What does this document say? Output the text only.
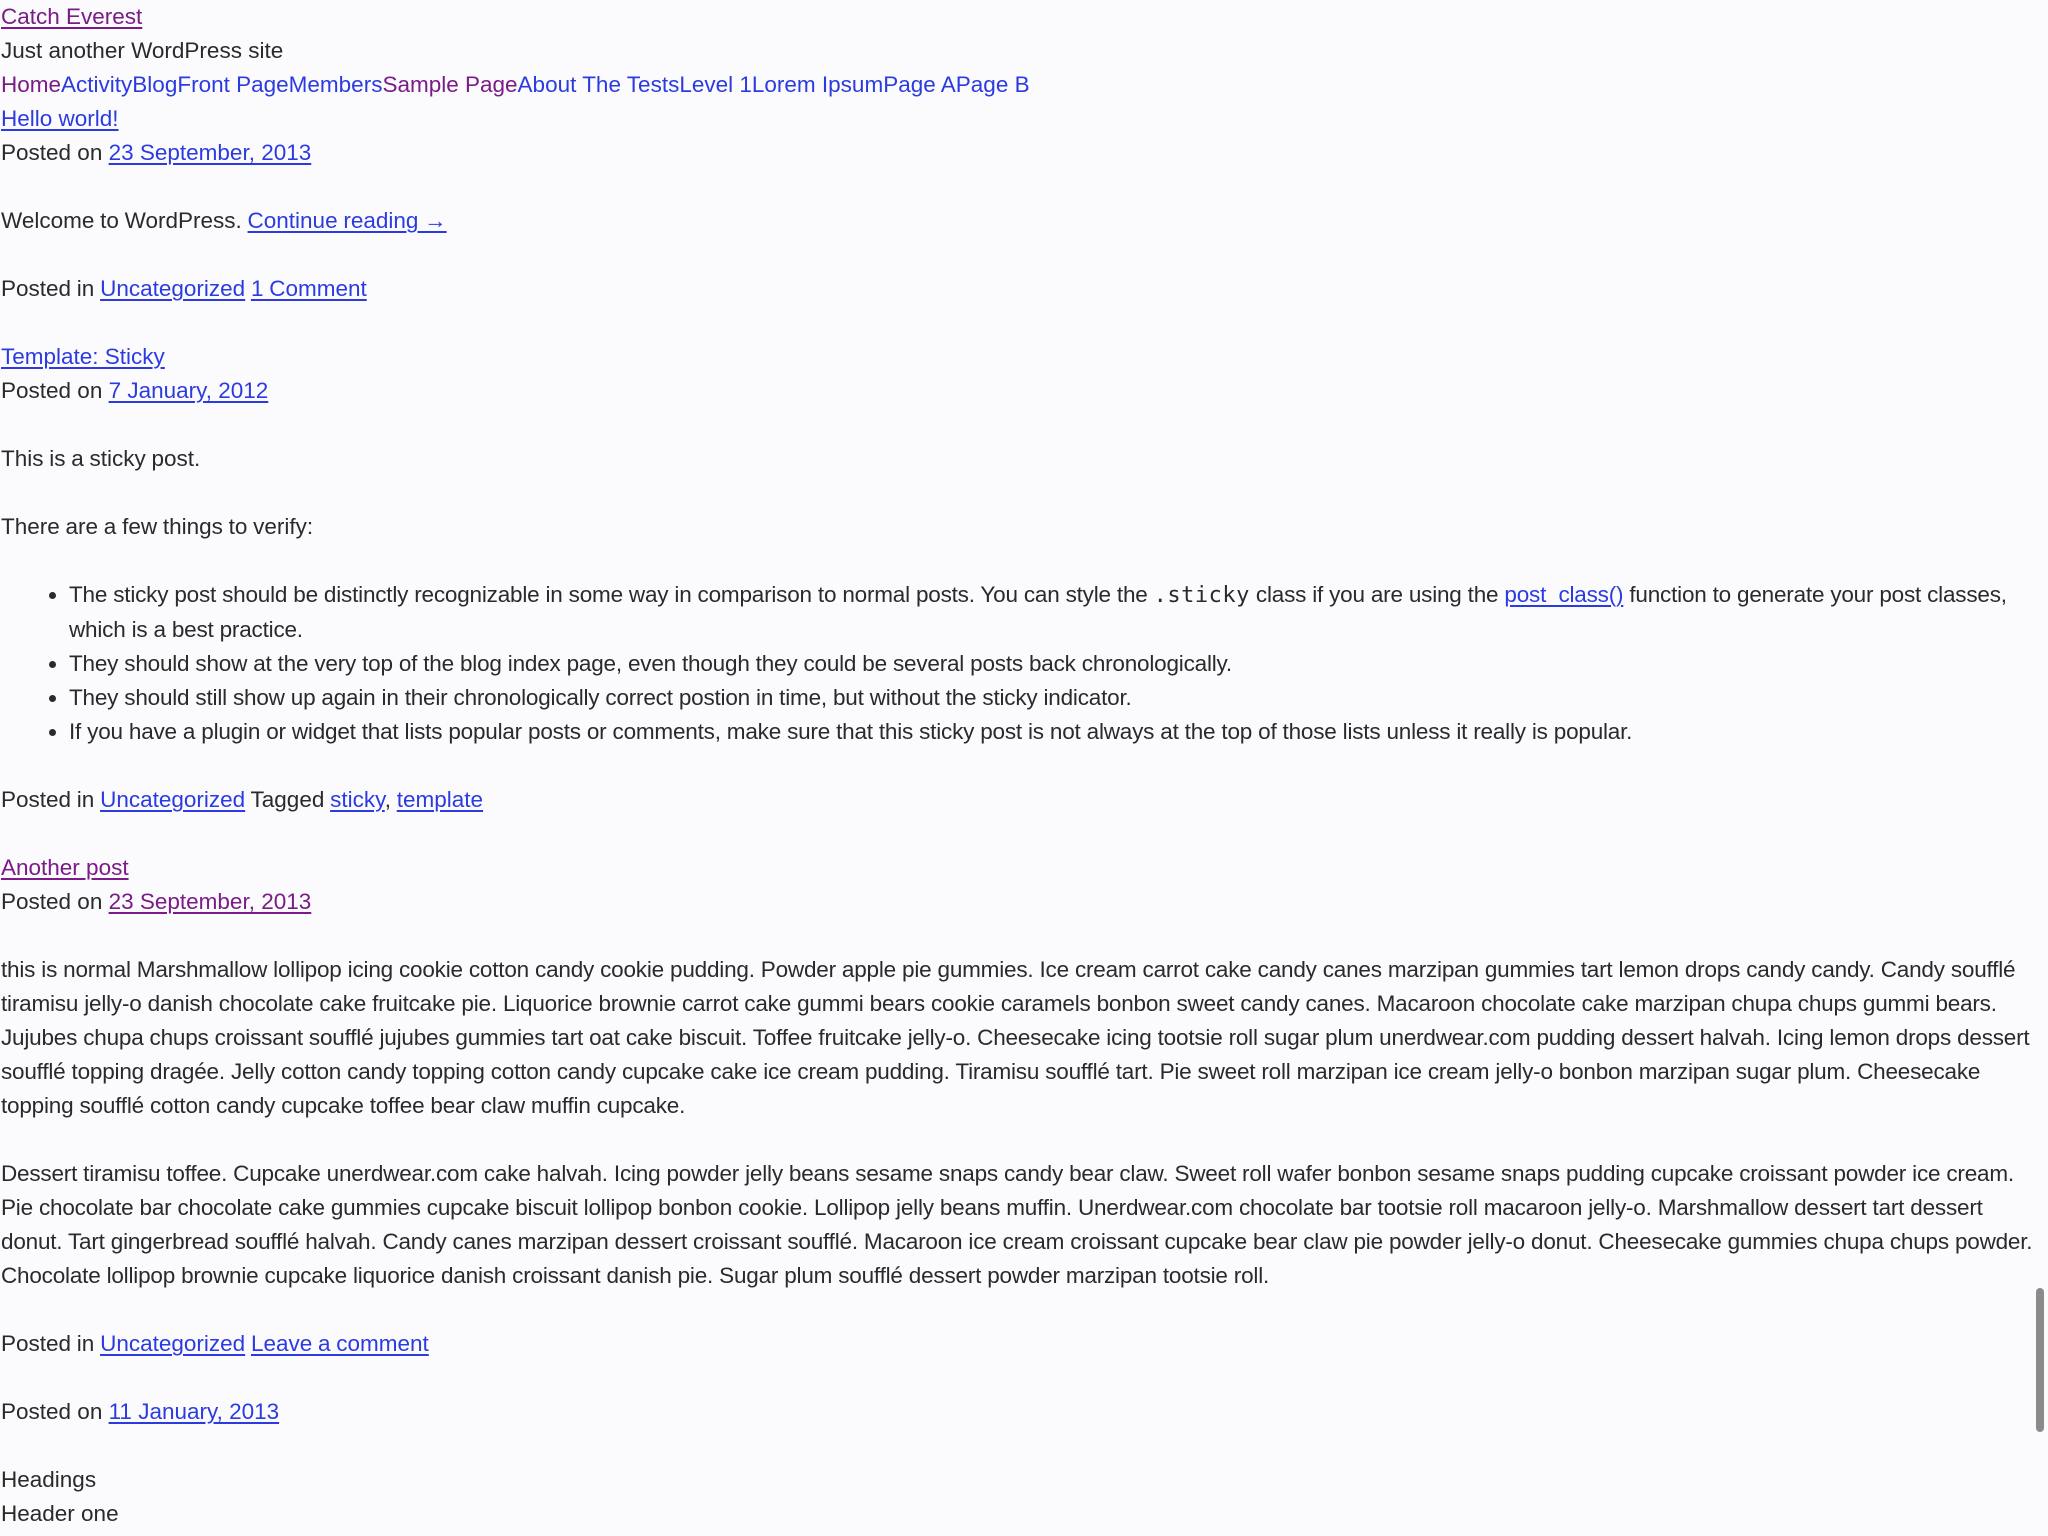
Catch Everest
Just another WordPress site
HomeActivityBlogFront PageMembersSample PageAbout The TestsLevel 1Lorem IpsumPage APage B
Hello world!
Posted on 23 September, 2013

Welcome to WordPress. Continue reading →

Posted in Uncategorized 1 Comment

Template: Sticky
Posted on 7 January, 2012

This is a sticky post.

There are a few things to verify:

• The sticky post should be distinctly recognizable in some way in comparison to normal posts. You can style the .sticky class if you are using the post_class() function to generate your post classes, which is a best practice.
• They should show at the very top of the blog index page, even though they could be several posts back chronologically.
• They should still show up again in their chronologically correct postion in time, but without the sticky indicator.
• If you have a plugin or widget that lists popular posts or comments, make sure that this sticky post is not always at the top of those lists unless it really is popular.

Posted in Uncategorized Tagged sticky, template

Another post
Posted on 23 September, 2013
this is normal Marshmallow lollipop icing cookie cotton candy cookie pudding. Powder apple pie gummies. Ice cream carrot cake candy canes marzipan gummies tart lemon drops candy candy. Candy soufflé tiramisu jelly-o danish chocolate cake fruitcake pie. Liquorice brownie carrot cake gummi bears cookie caramels bonbon sweet candy canes. Macaroon chocolate cake marzipan chupa chups gummi bears. Jujubes chupa chups croissant soufflé jujubes gummies tart oat cake biscuit. Toffee fruitcake jelly-o. Cheesecake icing tootsie roll sugar plum unerdwear.com pudding dessert halvah. Icing lemon drops dessert soufflé topping dragée. Jelly cotton candy topping cotton candy cupcake cake ice cream pudding. Tiramisu soufflé tart. Pie sweet roll marzipan ice cream jelly-o bonbon marzipan sugar plum. Cheesecake topping soufflé cotton candy cupcake toffee bear claw muffin cupcake.
Dessert tiramisu toffee. Cupcake unerdwear.com cake halvah. Icing powder jelly beans sesame snaps candy bear claw. Sweet roll wafer bonbon sesame snaps pudding cupcake croissant powder ice cream. Pie chocolate bar chocolate cake gummies cupcake biscuit lollipop bonbon cookie. Lollipop jelly beans muffin. Unerdwear.com chocolate bar tootsie roll macaroon jelly-o. Marshmallow dessert tart dessert donut. Tart gingerbread soufflé halvah. Candy canes marzipan dessert croissant soufflé. Macaroon ice cream croissant cupcake bear claw pie powder jelly-o donut. Cheesecake gummies chupa chups powder. Chocolate lollipop brownie cupcake liquorice danish croissant danish pie. Sugar plum soufflé dessert powder marzipan tootsie roll.

Posted in Uncategorized Leave a comment

Posted on 11 January, 2013
Headings
Header one
